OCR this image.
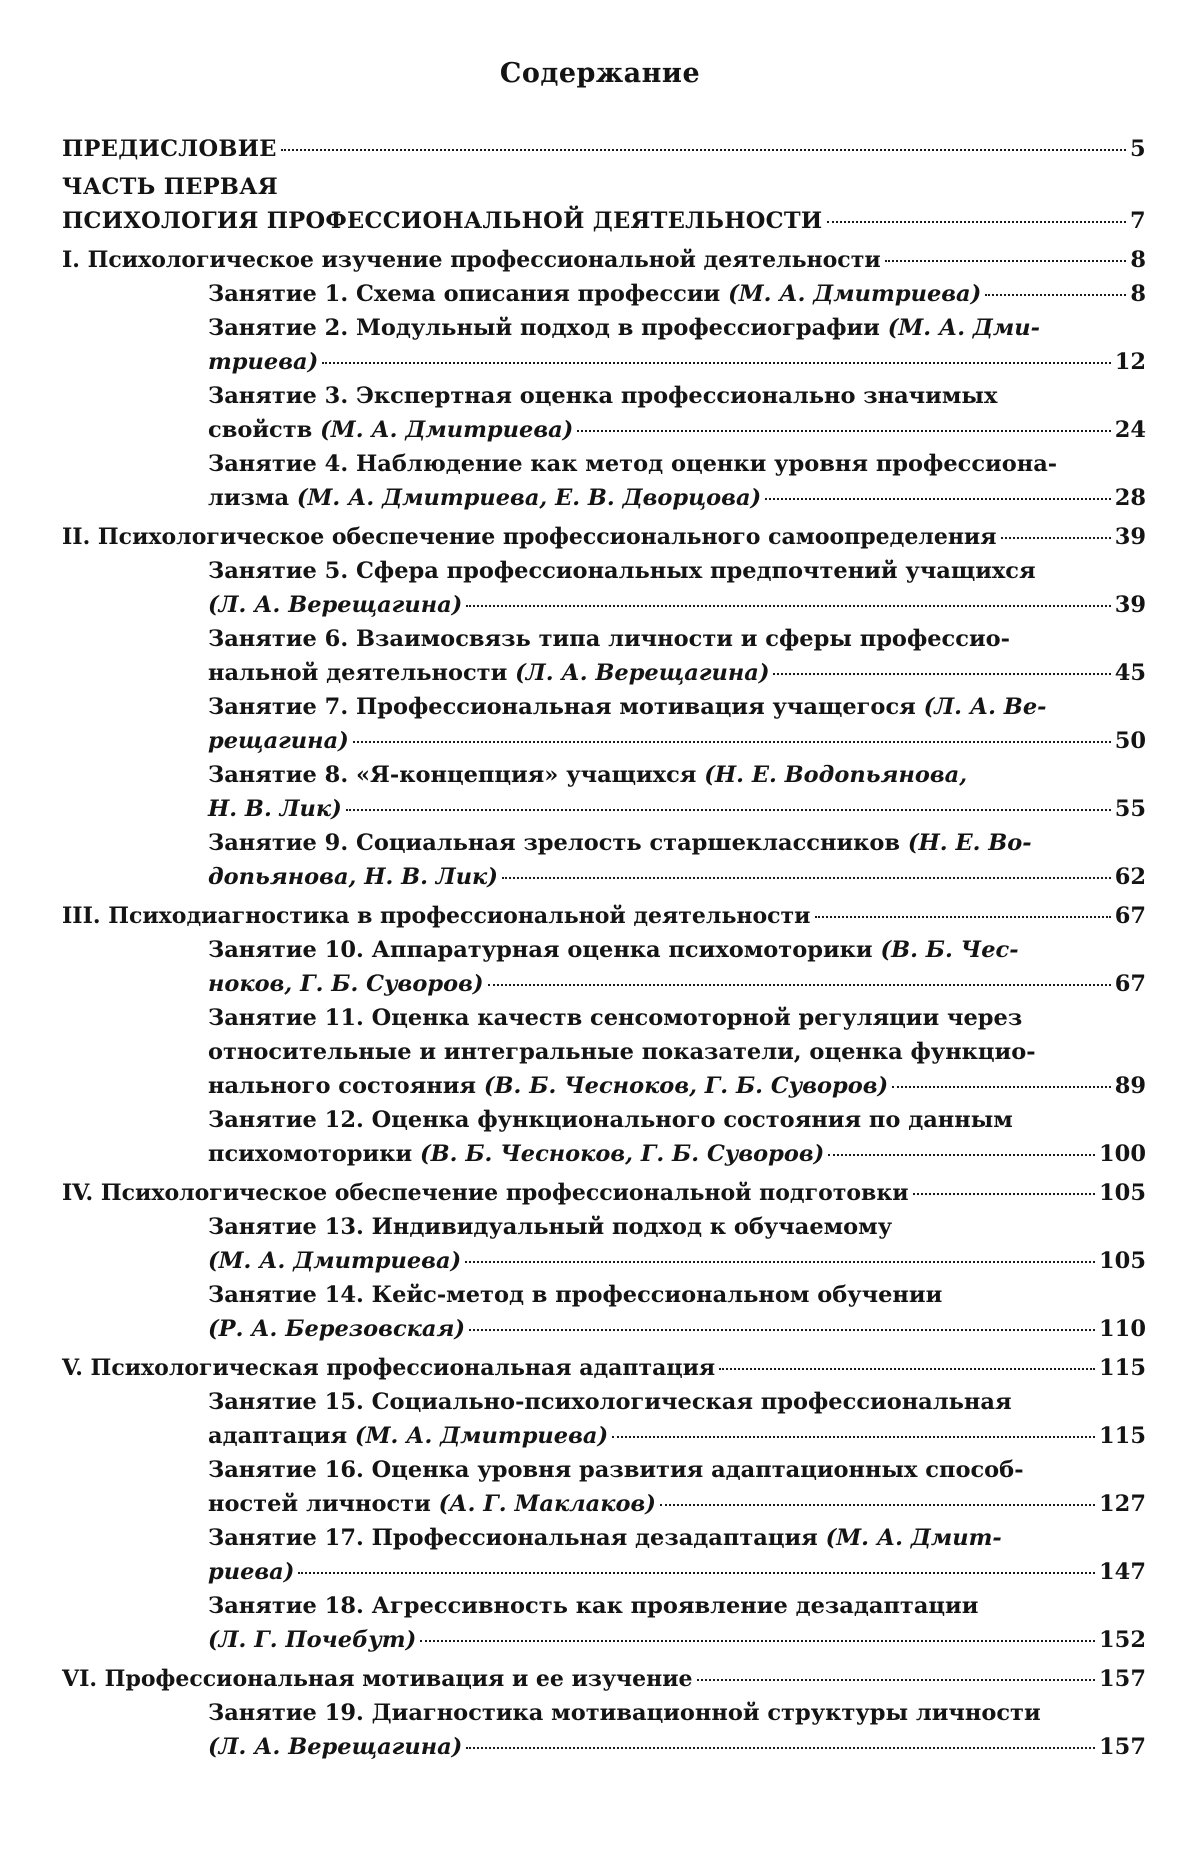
Содержание
ПРЕДИСЛОВИЕ	5
ЧАСТЬ ПЕРВАЯ
ПСИХОЛОГИЯ ПРОФЕССИОНАЛЬНОЙ ДЕЯТЕЛЬНОСТИ	7
I. Психологическое изучение профессиональной деятельности	8
Занятие 1. Схема описания профессии (М. А. Дмитриева)	8
Занятие 2. Модульный подход в профессиографии (М. А. Дми-
триева)	12
Занятие 3. Экспертная оценка профессионально значимых
свойств (М. А. Дмитриева)	24
Занятие 4. Наблюдение как метод оценки уровня профессиона-
лизма (М. А. Дмитриева, Е. В. Дворцова)	28
II. Психологическое обеспечение профессионального самоопределения	39
Занятие 5. Сфера профессиональных предпочтений учащихся
(Л. А. Верещагина)	39
Занятие 6. Взаимосвязь типа личности и сферы профессио-
нальной деятельности (Л. А. Верещагина)	45
Занятие 7. Профессиональная мотивация учащегося (Л. А. Ве-
рещагина)	50
Занятие 8. «Я-концепция» учащихся (Н. Е. Водопьянова,
Н. В. Лик)	55
Занятие 9. Социальная зрелость старшеклассников (Н. Е. Во-
допьянова, Н. В. Лик)	62
III. Психодиагностика в профессиональной деятельности	67
Занятие 10. Аппаратурная оценка психомоторики (В. Б. Чес-
ноков, Г. Б. Суворов)	67
Занятие 11. Оценка качеств сенсомоторной регуляции через
относительные и интегральные показатели, оценка функцио-
нального состояния (В. Б. Чесноков, Г. Б. Суворов)	89
Занятие 12. Оценка функционального состояния по данным
психомоторики (В. Б. Чесноков, Г. Б. Суворов)	100
IV. Психологическое обеспечение профессиональной подготовки	105
Занятие 13. Индивидуальный подход к обучаемому
(М. А. Дмитриева)	105
Занятие 14. Кейс-метод в профессиональном обучении
(Р. А. Березовская)	110
V. Психологическая профессиональная адаптация	115
Занятие 15. Социально-психологическая профессиональная
адаптация (М. А. Дмитриева)	115
Занятие 16. Оценка уровня развития адаптационных способ-
ностей личности (А. Г. Маклаков)	127
Занятие 17. Профессиональная дезадаптация (М. А. Дмит-
риева)	147
Занятие 18. Агрессивность как проявление дезадаптации
(Л. Г. Почебут)	152
VI. Профессиональная мотивация и ее изучение	157
Занятие 19. Диагностика мотивационной структуры личности
(Л. А. Верещагина)	157
